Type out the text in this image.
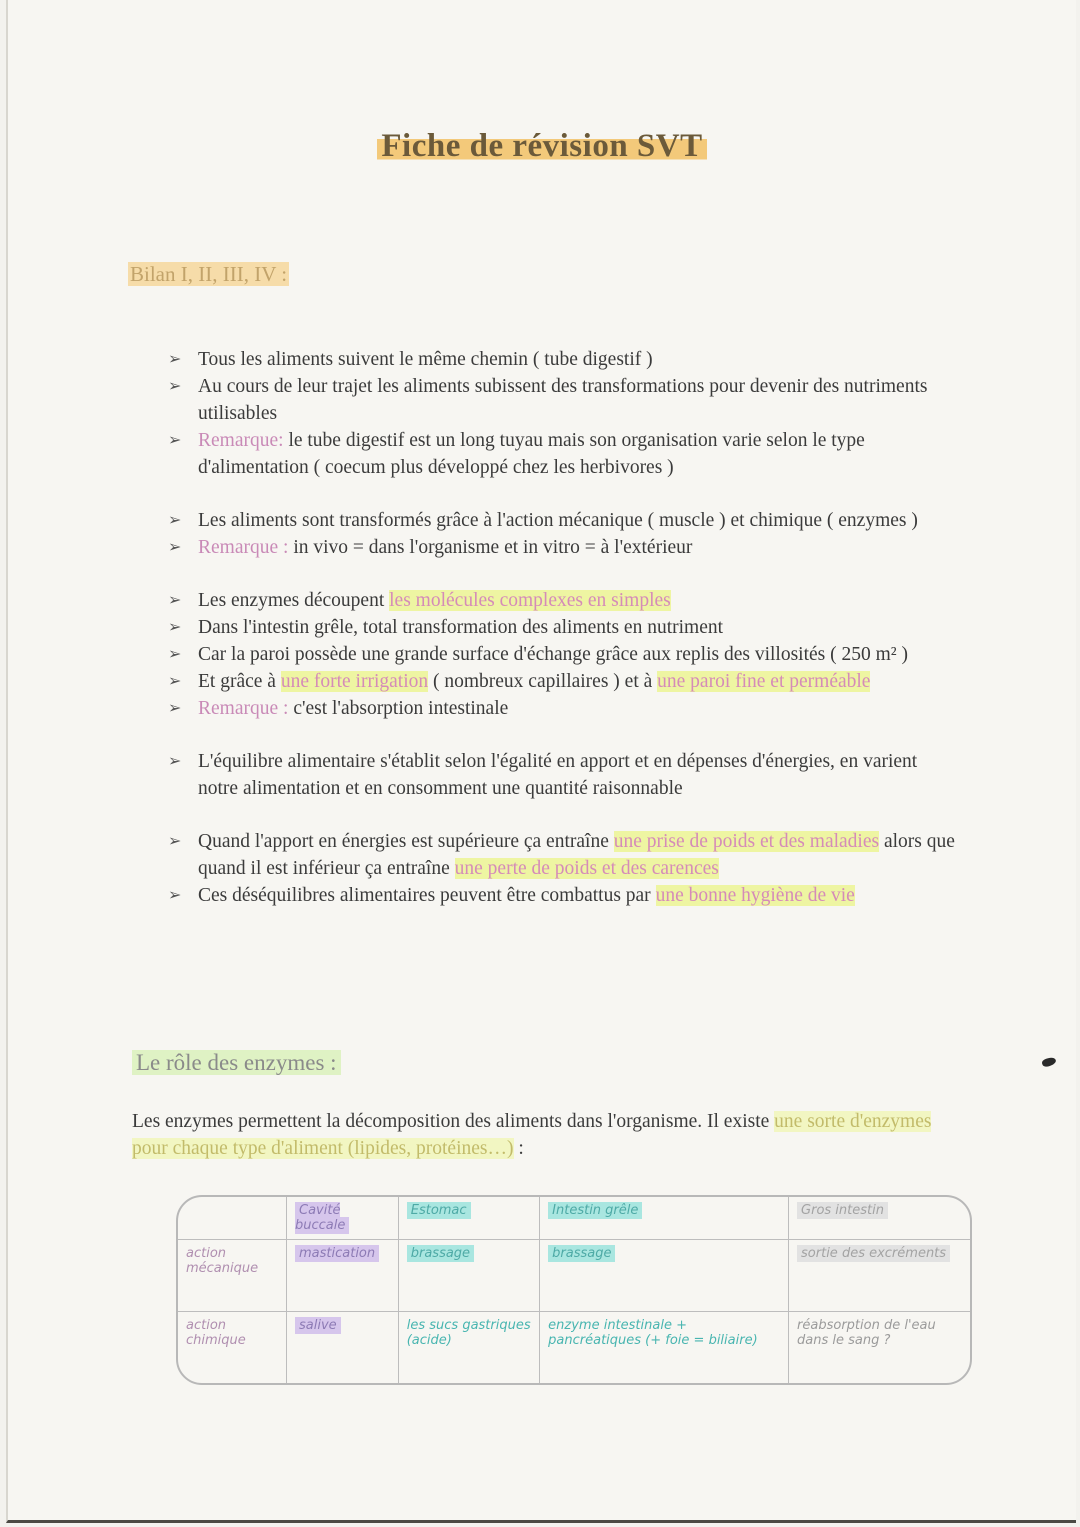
Fiche de révision SVT
Bilan I, II, III, IV :
➢ Tous les aliments suivent le même chemin ( tube digestif )
➢ Au cours de leur trajet les aliments subissent des transformations pour devenir des nutriments utilisables
➢ Remarque: le tube digestif est un long tuyau mais son organisation varie selon le type d'alimentation ( coecum plus développé chez les herbivores )
➢ Les aliments sont transformés grâce à l'action mécanique ( muscle ) et chimique ( enzymes )
➢ Remarque : in vivo = dans l'organisme et in vitro = à l'extérieur
➢ Les enzymes découpent les molécules complexes en simples
➢ Dans l'intestin grêle, total transformation des aliments en nutriment
➢ Car la paroi possède une grande surface d'échange grâce aux replis des villosités ( 250 m² )
➢ Et grâce à une forte irrigation ( nombreux capillaires ) et à une paroi fine et perméable
➢ Remarque : c'est l'absorption intestinale
➢ L'équilibre alimentaire s'établit selon l'égalité en apport et en dépenses d'énergies, en varient notre alimentation et en consomment une quantité raisonnable
➢ Quand l'apport en énergies est supérieure ça entraîne une prise de poids et des maladies alors que quand il est inférieur ça entraîne une perte de poids et des carences
➢ Ces déséquilibres alimentaires peuvent être combattus par une bonne hygiène de vie
Le rôle des enzymes :
Les enzymes permettent la décomposition des aliments dans l'organisme. Il existe une sorte d'enzymes pour chaque type d'aliment (lipides, protéines…) :
	Cavité buccale	Estomac	Intestin grêle	Gros intestin
action mécanique	mastication	brassage	brassage	sortie des excréments
action chimique	salive	les sucs gastriques (acide)	enzyme intestinale + pancréatiques (+ foie = biliaire)	réabsorption de l'eau dans le sang ?
